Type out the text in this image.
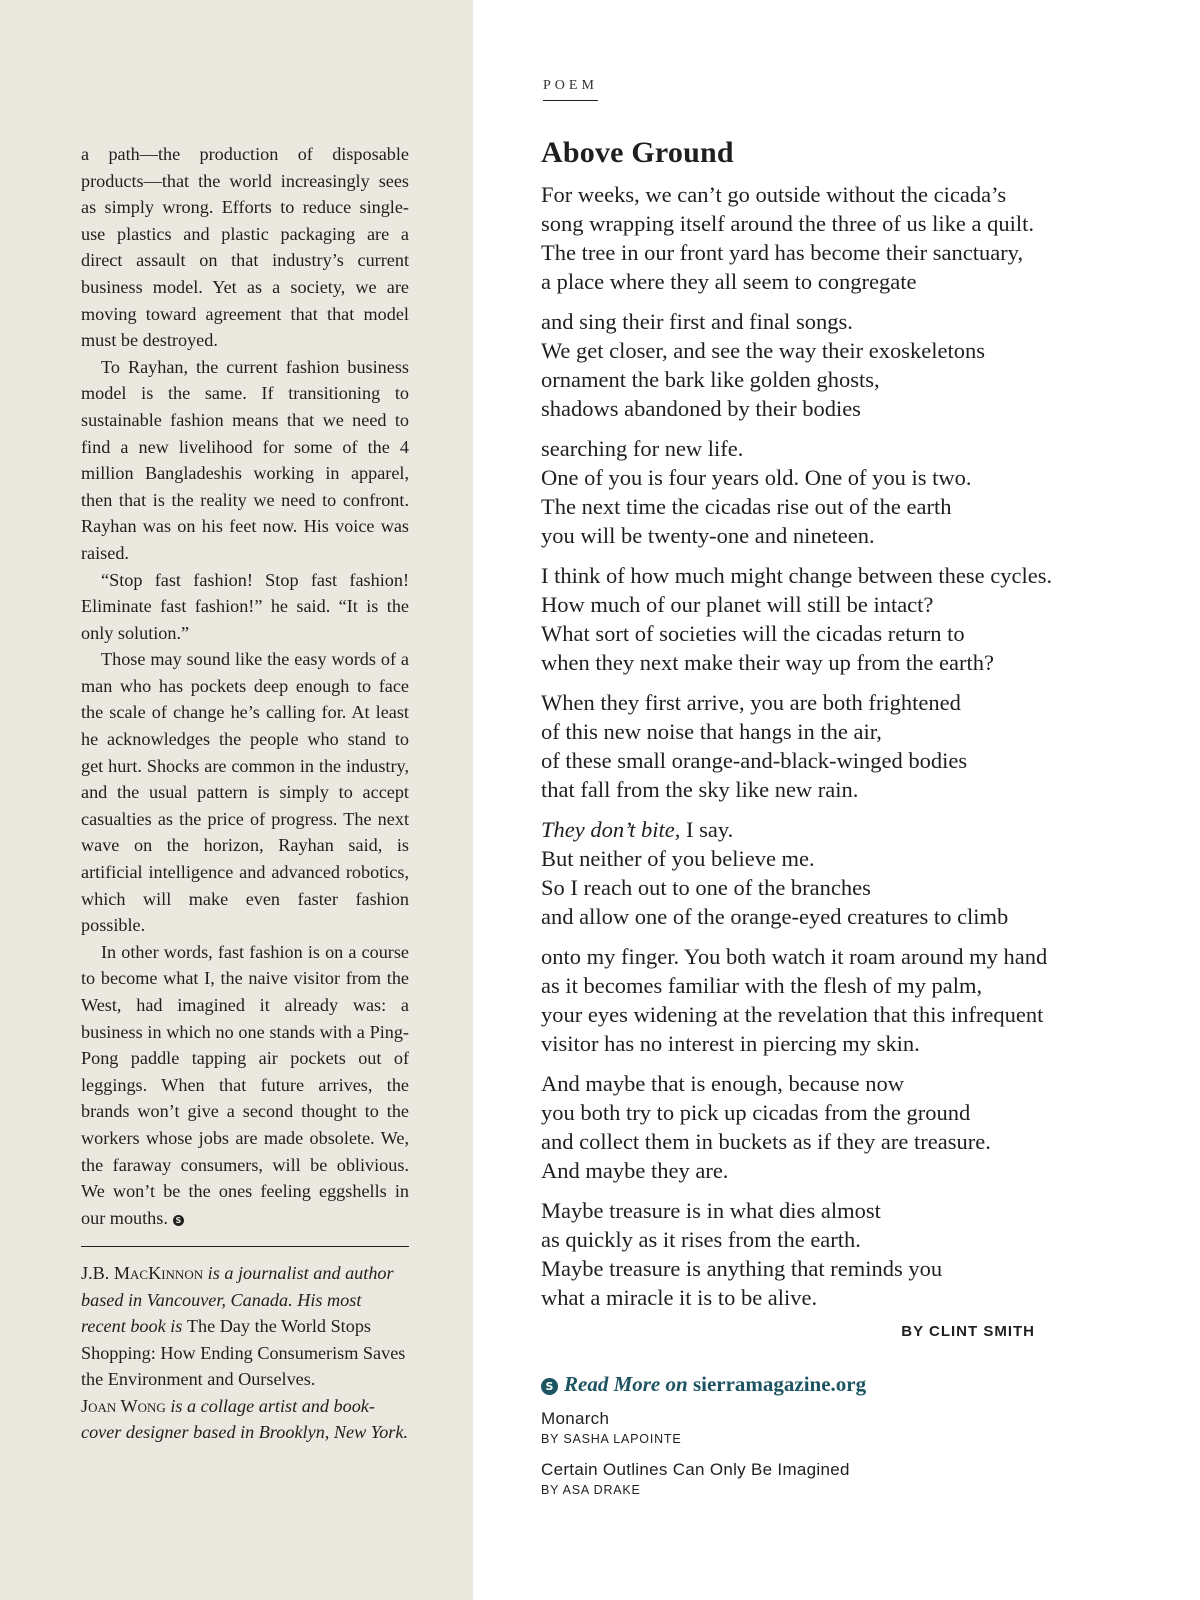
a path—the production of disposable products—that the world increasingly sees as simply wrong. Efforts to reduce single-use plastics and plastic packaging are a direct assault on that industry’s current business model. Yet as a society, we are moving toward agreement that that model must be destroyed.

To Rayhan, the current fashion business model is the same. If transitioning to sustainable fashion means that we need to find a new livelihood for some of the 4 million Bangladeshis working in apparel, then that is the reality we need to confront. Rayhan was on his feet now. His voice was raised.

“Stop fast fashion! Stop fast fashion! Eliminate fast fashion!” he said. “It is the only solution.”

Those may sound like the easy words of a man who has pockets deep enough to face the scale of change he’s calling for. At least he acknowledges the people who stand to get hurt. Shocks are common in the industry, and the usual pattern is simply to accept casualties as the price of progress. The next wave on the horizon, Rayhan said, is artificial intelligence and advanced robotics, which will make even faster fashion possible.

In other words, fast fashion is on a course to become what I, the naive visitor from the West, had imagined it already was: a business in which no one stands with a Ping-Pong paddle tapping air pockets out of leggings. When that future arrives, the brands won’t give a second thought to the workers whose jobs are made obsolete. We, the faraway consumers, will be oblivious. We won’t be the ones feeling eggshells in our mouths. S

J.B. MacKinnon is a journalist and author based in Vancouver, Canada. His most recent book is The Day the World Stops Shopping: How Ending Consumerism Saves the Environment and Ourselves.

Joan Wong is a collage artist and book-cover designer based in Brooklyn, New York.

POEM
Above Ground

For weeks, we can’t go outside without the cicada’s
song wrapping itself around the three of us like a quilt.
The tree in our front yard has become their sanctuary,
a place where they all seem to congregate

and sing their first and final songs.
We get closer, and see the way their exoskeletons
ornament the bark like golden ghosts,
shadows abandoned by their bodies

searching for new life.
One of you is four years old. One of you is two.
The next time the cicadas rise out of the earth
you will be twenty-one and nineteen.

I think of how much might change between these cycles.
How much of our planet will still be intact?
What sort of societies will the cicadas return to
when they next make their way up from the earth?

When they first arrive, you are both frightened
of this new noise that hangs in the air,
of these small orange-and-black-winged bodies
that fall from the sky like new rain.

They don’t bite, I say.
But neither of you believe me.
So I reach out to one of the branches
and allow one of the orange-eyed creatures to climb

onto my finger. You both watch it roam around my hand
as it becomes familiar with the flesh of my palm,
your eyes widening at the revelation that this infrequent
visitor has no interest in piercing my skin.

And maybe that is enough, because now
you both try to pick up cicadas from the ground
and collect them in buckets as if they are treasure.
And maybe they are.

Maybe treasure is in what dies almost
as quickly as it rises from the earth.
Maybe treasure is anything that reminds you
what a miracle it is to be alive.

BY CLINT SMITH
S Read More on sierramagazine.org
Monarch
BY SASHA LAPOINTE
Certain Outlines Can Only Be Imagined
BY ASA DRAKE
